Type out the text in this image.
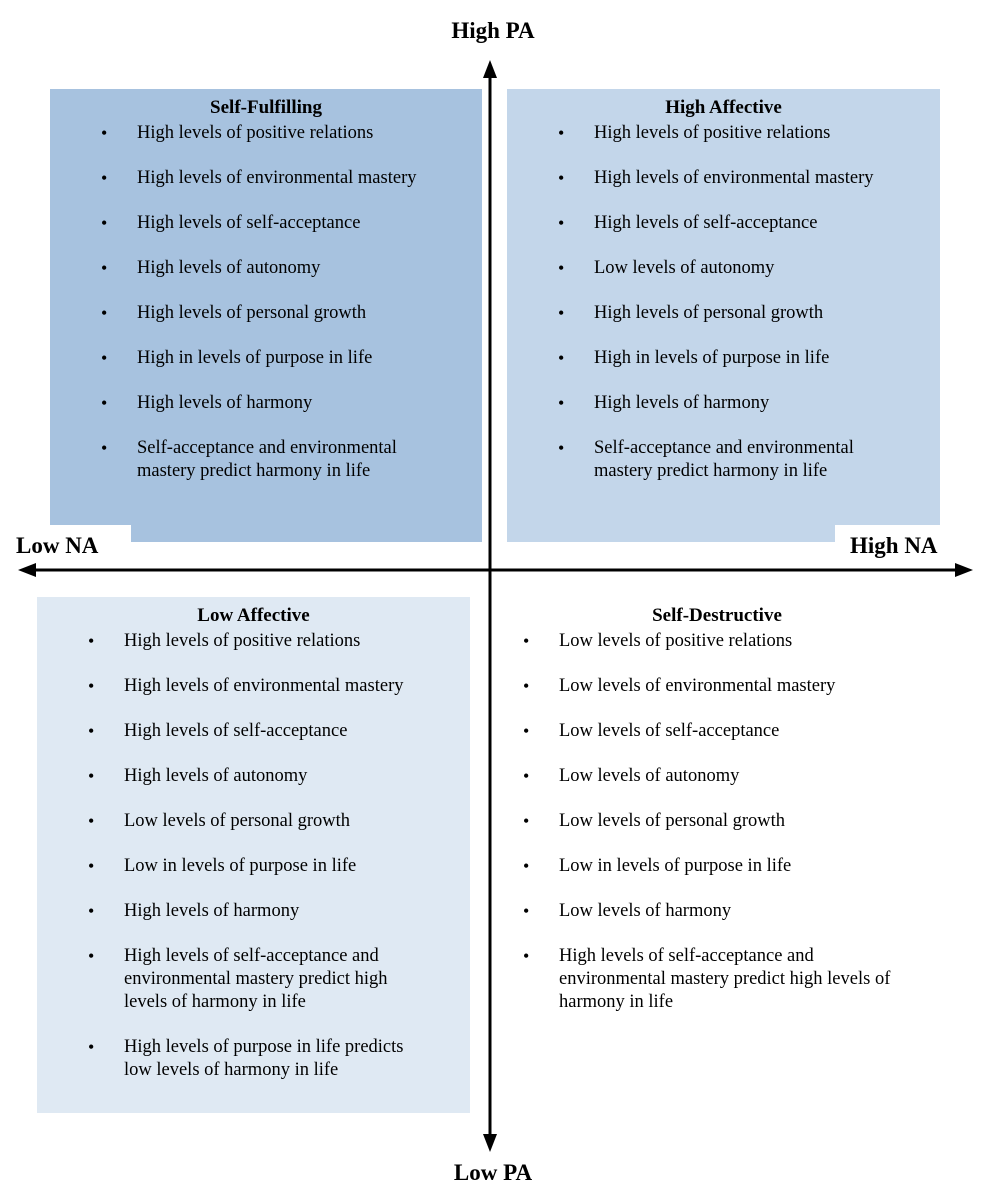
Self-Fulfilling
• High levels of positive relations
• High levels of environmental mastery
• High levels of self-acceptance
• High levels of autonomy
• High levels of personal growth
• High in levels of purpose in life
• High levels of harmony
• Self-acceptance and environmental
mastery predict harmony in life
High Affective
• High levels of positive relations
• High levels of environmental mastery
• High levels of self-acceptance
• Low levels of autonomy
• High levels of personal growth
• High in levels of purpose in life
• High levels of harmony
• Self-acceptance and environmental
mastery predict harmony in life
Low Affective
• High levels of positive relations
• High levels of environmental mastery
• High levels of self-acceptance
• High levels of autonomy
• Low levels of personal growth
• Low in levels of purpose in life
• High levels of harmony
• High levels of self-acceptance and
environmental mastery predict high
levels of harmony in life
• High levels of purpose in life predicts
low levels of harmony in life
Self-Destructive
• Low levels of positive relations
• Low levels of environmental mastery
• Low levels of self-acceptance
• Low levels of autonomy
• Low levels of personal growth
• Low in levels of purpose in life
• Low levels of harmony
• High levels of self-acceptance and
environmental mastery predict high levels of
harmony in life
High PA
Low PA
Low NA	High NA
